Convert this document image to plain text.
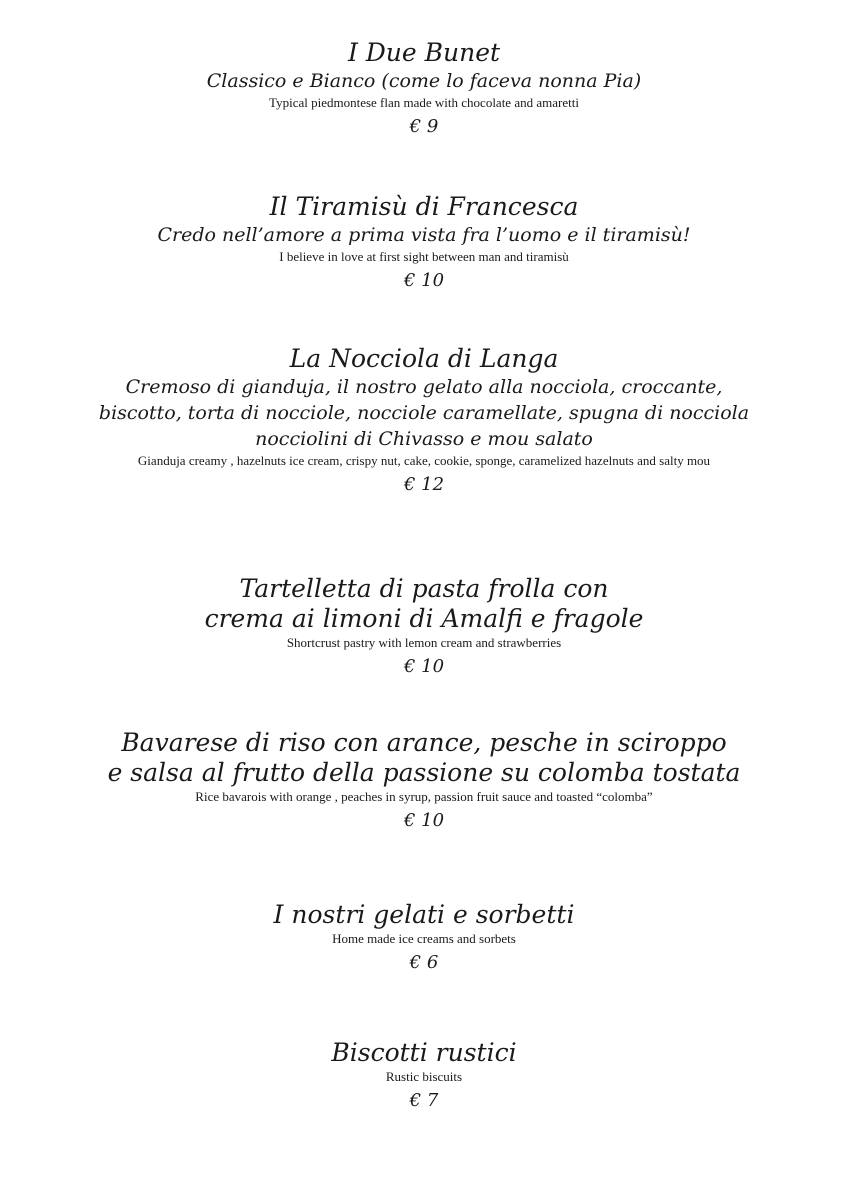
I Due Bunet
Classico e Bianco (come lo faceva nonna Pia)
Typical piedmontese flan made with chocolate and amaretti
€ 9
Il Tiramisù di Francesca
Credo nell’amore a prima vista fra l’uomo e il tiramisù!
I believe in love at first sight between man and tiramisù
€ 10
La Nocciola di Langa
Cremoso di gianduja, il nostro gelato alla nocciola, croccante,
biscotto, torta di nocciole, nocciole caramellate, spugna di nocciola
nocciolini di Chivasso e mou salato
Gianduja creamy , hazelnuts ice cream, crispy nut, cake, cookie, sponge, caramelized hazelnuts and salty mou
€ 12
Tartelletta di pasta frolla con
crema ai limoni di Amalfi e fragole
Shortcrust pastry with lemon cream and strawberries
€ 10
Bavarese di riso con arance, pesche in sciroppo
e salsa al frutto della passione su colomba tostata
Rice bavarois with orange , peaches in syrup, passion fruit sauce and toasted “colomba”
€ 10
I nostri gelati e sorbetti
Home made ice creams and sorbets
€ 6
Biscotti rustici
Rustic biscuits
€ 7
